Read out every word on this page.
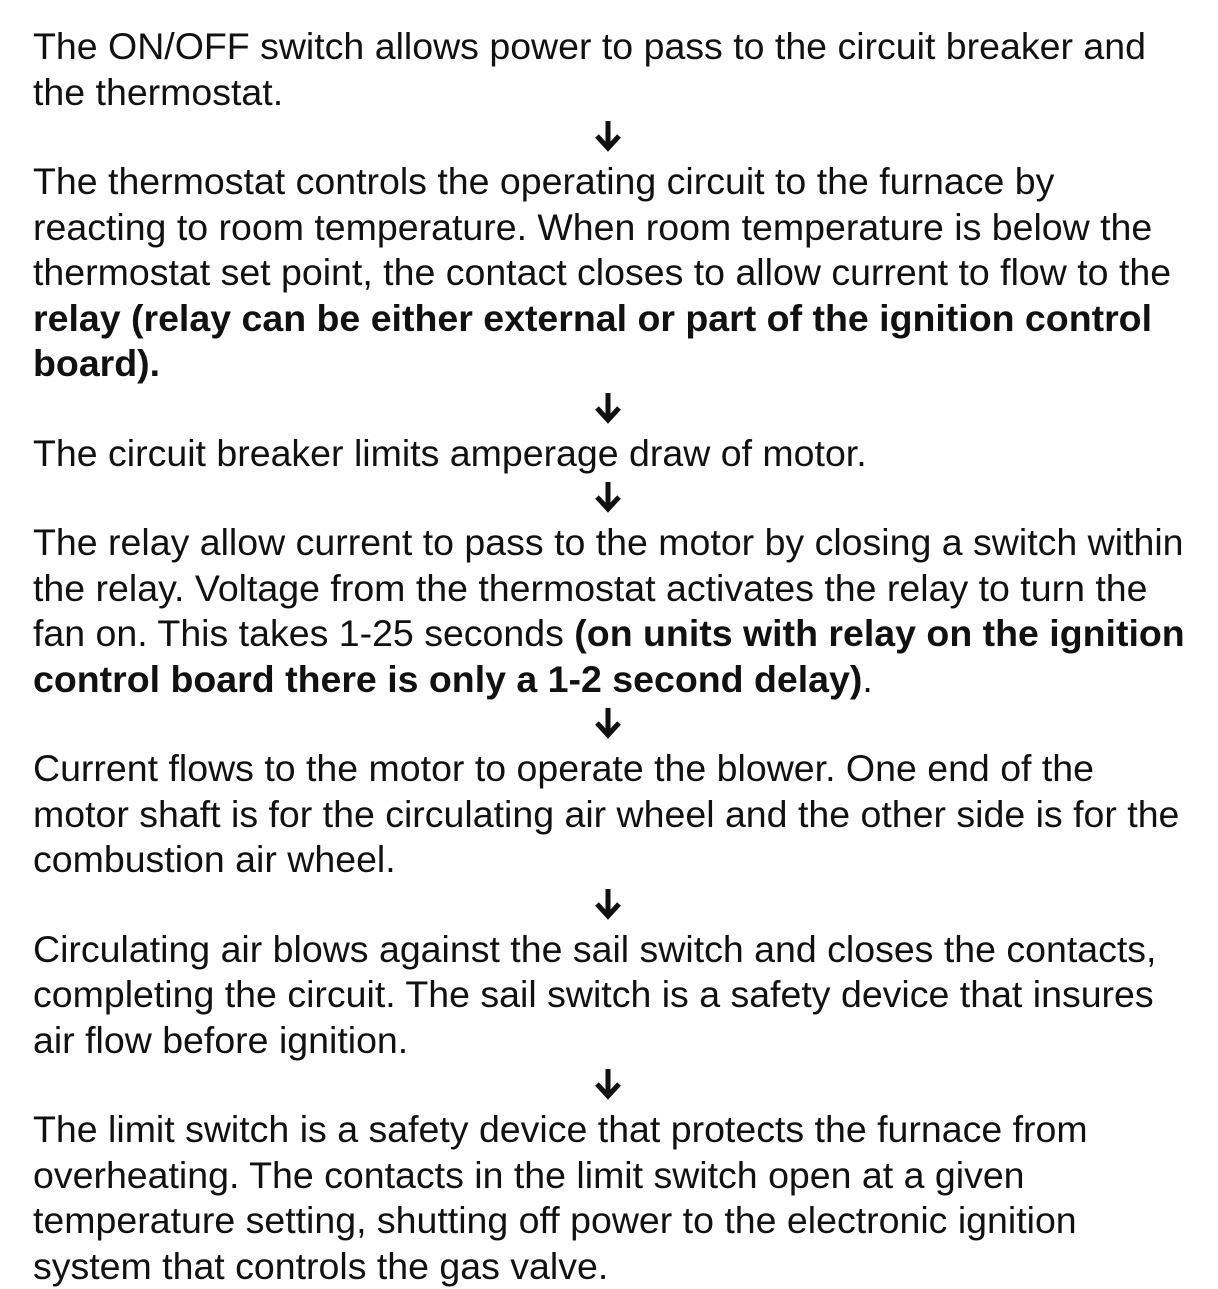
The ON/OFF switch allows power to pass to the circuit breaker and the thermostat.

The thermostat controls the operating circuit to the furnace by reacting to room temperature. When room temperature is below the thermostat set point, the contact closes to allow current to flow to the relay (relay can be either external or part of the ignition control board).

The circuit breaker limits amperage draw of motor.

The relay allow current to pass to the motor by closing a switch within the relay. Voltage from the thermostat activates the relay to turn the fan on. This takes 1-25 seconds (on units with relay on the ignition control board there is only a 1-2 second delay).

Current flows to the motor to operate the blower. One end of the motor shaft is for the circulating air wheel and the other side is for the combustion air wheel.

Circulating air blows against the sail switch and closes the contacts, completing the circuit. The sail switch is a safety device that insures air flow before ignition.

The limit switch is a safety device that protects the furnace from overheating. The contacts in the limit switch open at a given temperature setting, shutting off power to the electronic ignition system that controls the gas valve.
